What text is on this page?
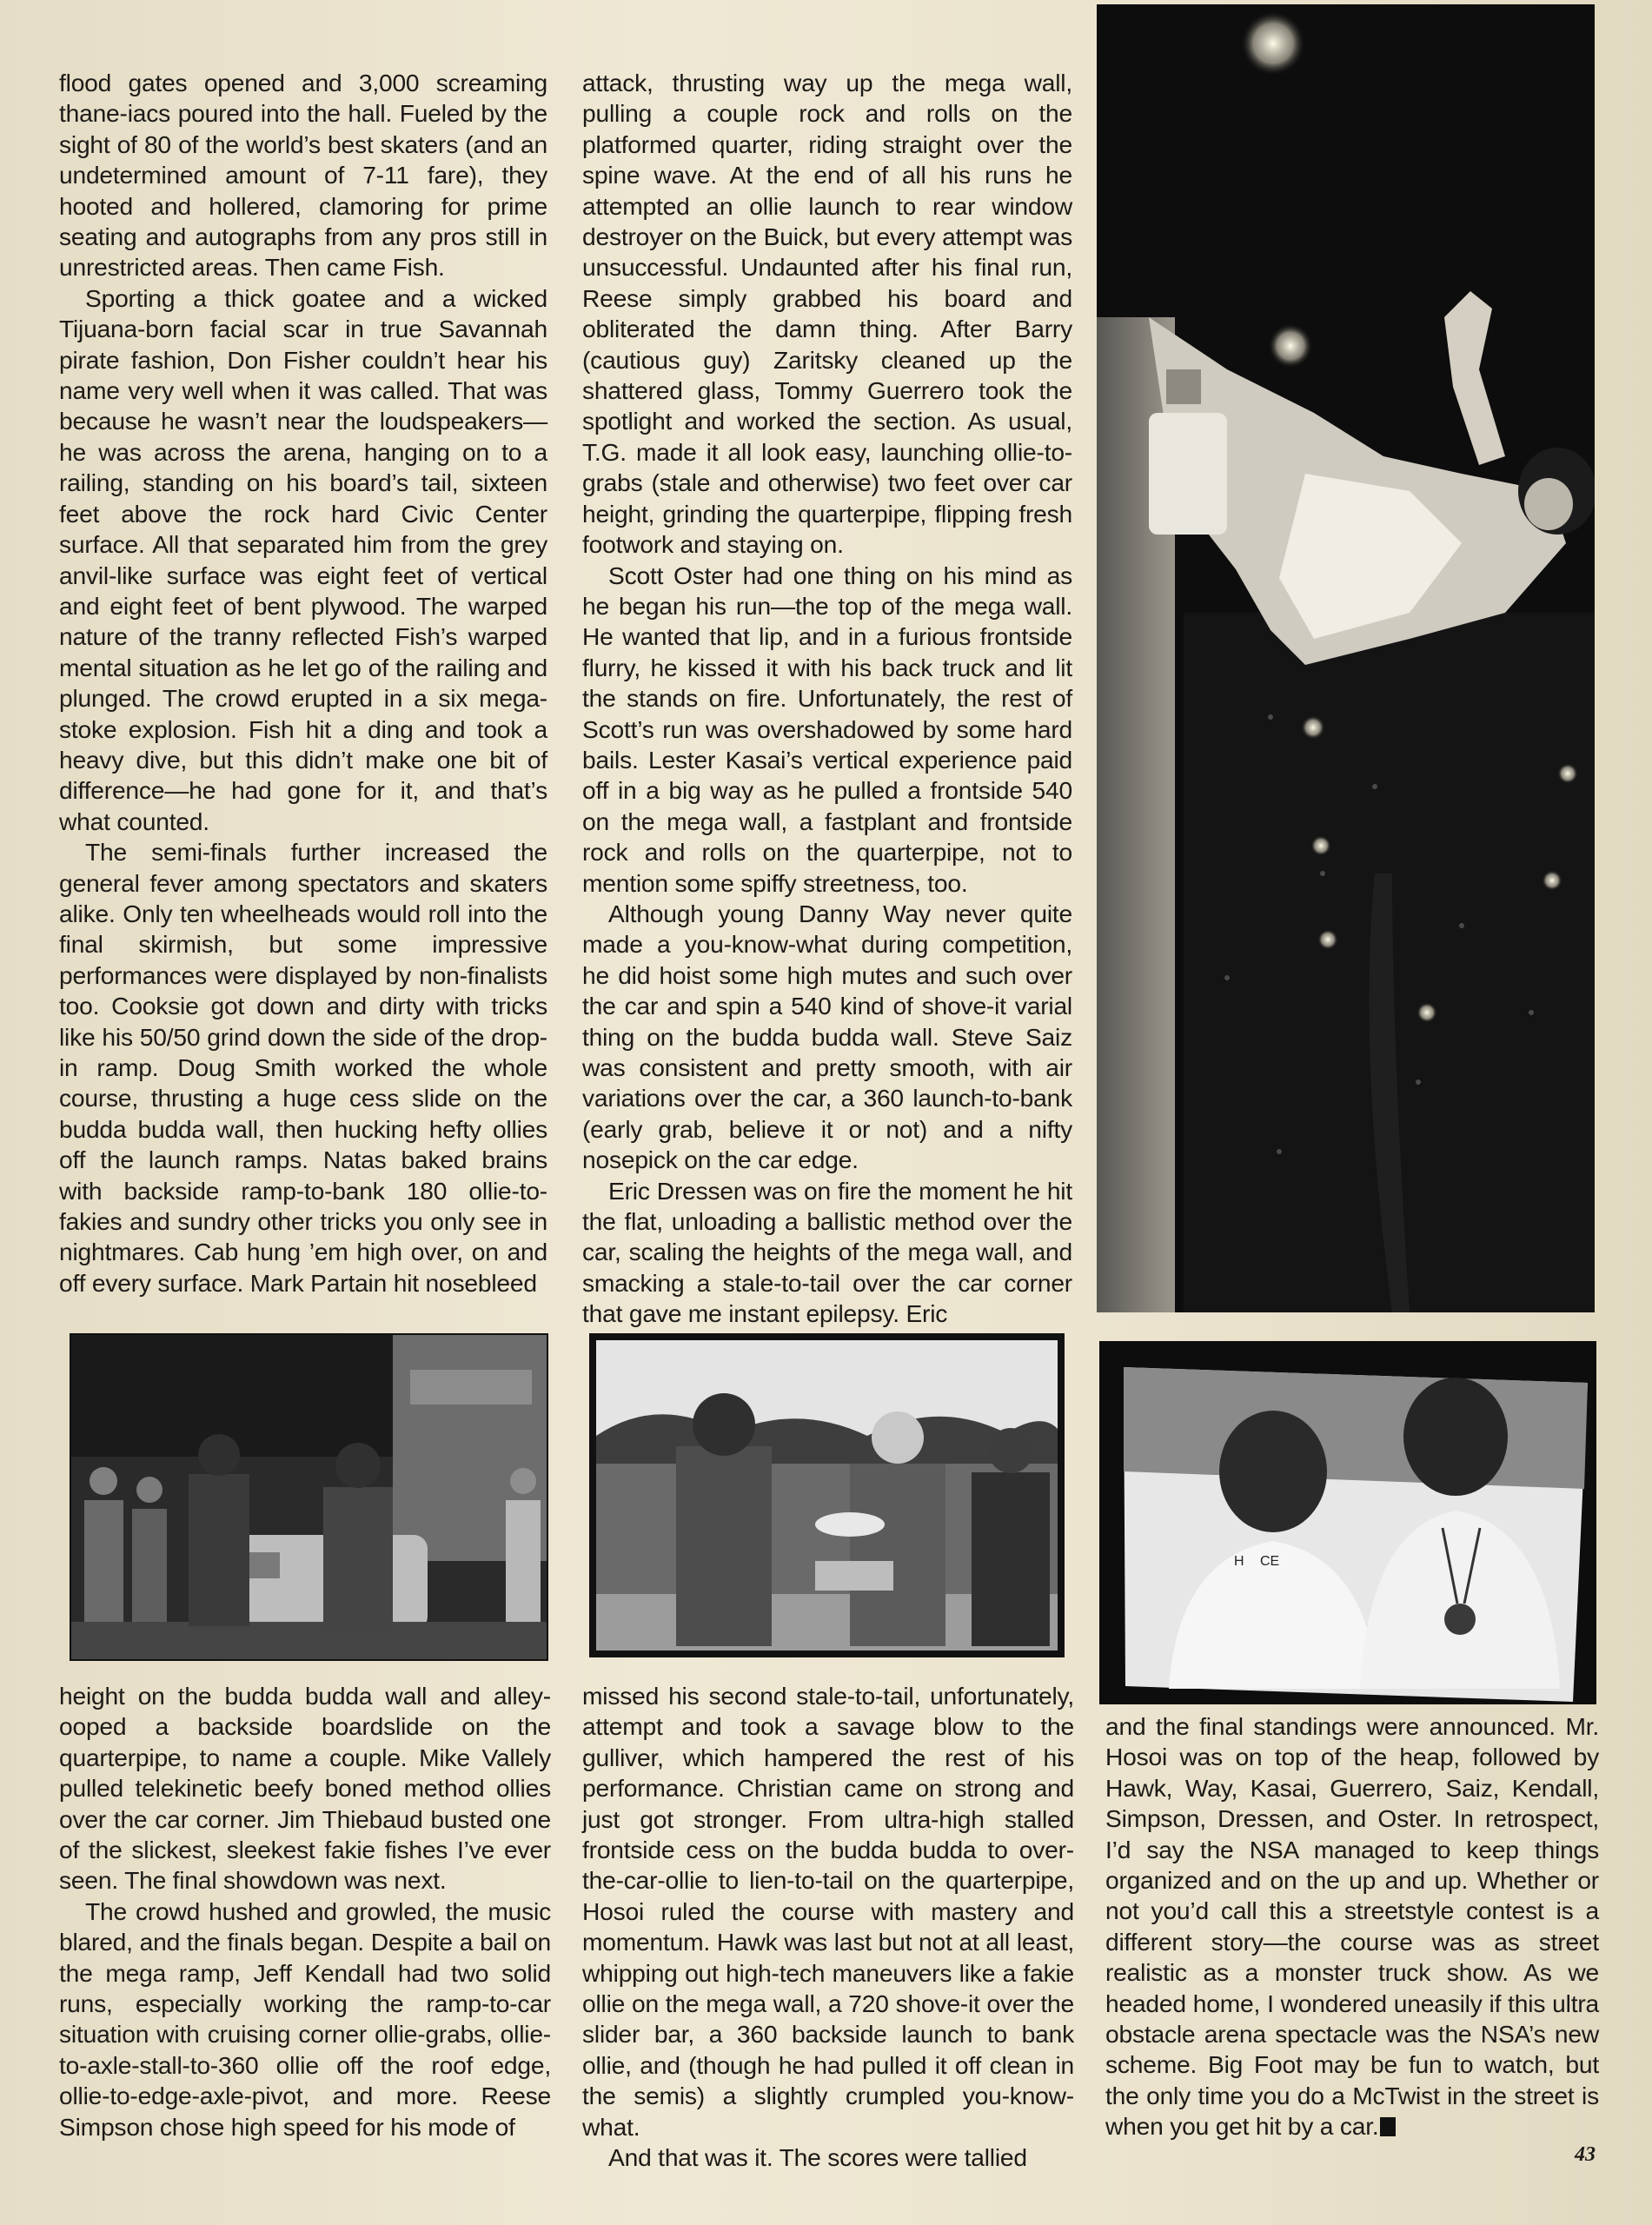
flood gates opened and 3,000 screaming thane-iacs poured into the hall. Fueled by the sight of 80 of the world’s best skaters (and an undetermined amount of 7-11 fare), they hooted and hollered, clamoring for prime seating and autographs from any pros still in unrestricted areas. Then came Fish.

Sporting a thick goatee and a wicked Tijuana-born facial scar in true Savannah pirate fashion, Don Fisher couldn’t hear his name very well when it was called. That was because he wasn’t near the loudspeakers—he was across the arena, hanging on to a railing, standing on his board’s tail, sixteen feet above the rock hard Civic Center surface. All that separated him from the grey anvil-like surface was eight feet of vertical and eight feet of bent plywood. The warped nature of the tranny reflected Fish’s warped mental situation as he let go of the railing and plunged. The crowd erupted in a six mega-stoke explosion. Fish hit a ding and took a heavy dive, but this didn’t make one bit of difference—he had gone for it, and that’s what counted.

The semi-finals further increased the general fever among spectators and skaters alike. Only ten wheelheads would roll into the final skirmish, but some impressive performances were displayed by non-finalists too. Cooksie got down and dirty with tricks like his 50/50 grind down the side of the drop-in ramp. Doug Smith worked the whole course, thrusting a huge cess slide on the budda budda wall, then hucking hefty ollies off the launch ramps. Natas baked brains with backside ramp-to-bank 180 ollie-to-fakies and sundry other tricks you only see in nightmares. Cab hung ’em high over, on and off every surface. Mark Partain hit nosebleed

attack, thrusting way up the mega wall, pulling a couple rock and rolls on the platformed quarter, riding straight over the spine wave. At the end of all his runs he attempted an ollie launch to rear window destroyer on the Buick, but every attempt was unsuccessful. Undaunted after his final run, Reese simply grabbed his board and obliterated the damn thing. After Barry (cautious guy) Zaritsky cleaned up the shattered glass, Tommy Guerrero took the spotlight and worked the section. As usual, T.G. made it all look easy, launching ollie-to-grabs (stale and otherwise) two feet over car height, grinding the quarterpipe, flipping fresh footwork and staying on.

Scott Oster had one thing on his mind as he began his run—the top of the mega wall. He wanted that lip, and in a furious frontside flurry, he kissed it with his back truck and lit the stands on fire. Unfortunately, the rest of Scott’s run was overshadowed by some hard bails. Lester Kasai’s vertical experience paid off in a big way as he pulled a frontside 540 on the mega wall, a fastplant and frontside rock and rolls on the quarterpipe, not to mention some spiffy streetness, too.

Although young Danny Way never quite made a you-know-what during competition, he did hoist some high mutes and such over the car and spin a 540 kind of shove-it varial thing on the budda budda wall. Steve Saiz was consistent and pretty smooth, with air variations over the car, a 360 launch-to-bank (early grab, believe it or not) and a nifty nosepick on the car edge.

Eric Dressen was on fire the moment he hit the flat, unloading a ballistic method over the car, scaling the heights of the mega wall, and smacking a stale-to-tail over the car corner that gave me instant epilepsy. Eric

H CE

height on the budda budda wall and alley-ooped a backside boardslide on the quarterpipe, to name a couple. Mike Vallely pulled telekinetic beefy boned method ollies over the car corner. Jim Thiebaud busted one of the slickest, sleekest fakie fishes I’ve ever seen. The final showdown was next.

The crowd hushed and growled, the music blared, and the finals began. Despite a bail on the mega ramp, Jeff Kendall had two solid runs, especially working the ramp-to-car situation with cruising corner ollie-grabs, ollie-to-axle-stall-to-360 ollie off the roof edge, ollie-to-edge-axle-pivot, and more. Reese Simpson chose high speed for his mode of

missed his second stale-to-tail, unfortunately, attempt and took a savage blow to the gulliver, which hampered the rest of his performance. Christian came on strong and just got stronger. From ultra-high stalled frontside cess on the budda budda to over-the-car-ollie to lien-to-tail on the quarterpipe, Hosoi ruled the course with mastery and momentum. Hawk was last but not at all least, whipping out high-tech maneuvers like a fakie ollie on the mega wall, a 720 shove-it over the slider bar, a 360 backside launch to bank ollie, and (though he had pulled it off clean in the semis) a slightly crumpled you-know-what.

And that was it. The scores were tallied

and the final standings were announced. Mr. Hosoi was on top of the heap, followed by Hawk, Way, Kasai, Guerrero, Saiz, Kendall, Simpson, Dressen, and Oster. In retrospect, I’d say the NSA managed to keep things organized and on the up and up. Whether or not you’d call this a streetstyle contest is a different story—the course was as street realistic as a monster truck show. As we headed home, I wondered uneasily if this ultra obstacle arena spectacle was the NSA’s new scheme. Big Foot may be fun to watch, but the only time you do a McTwist in the street is when you get hit by a car.

43
